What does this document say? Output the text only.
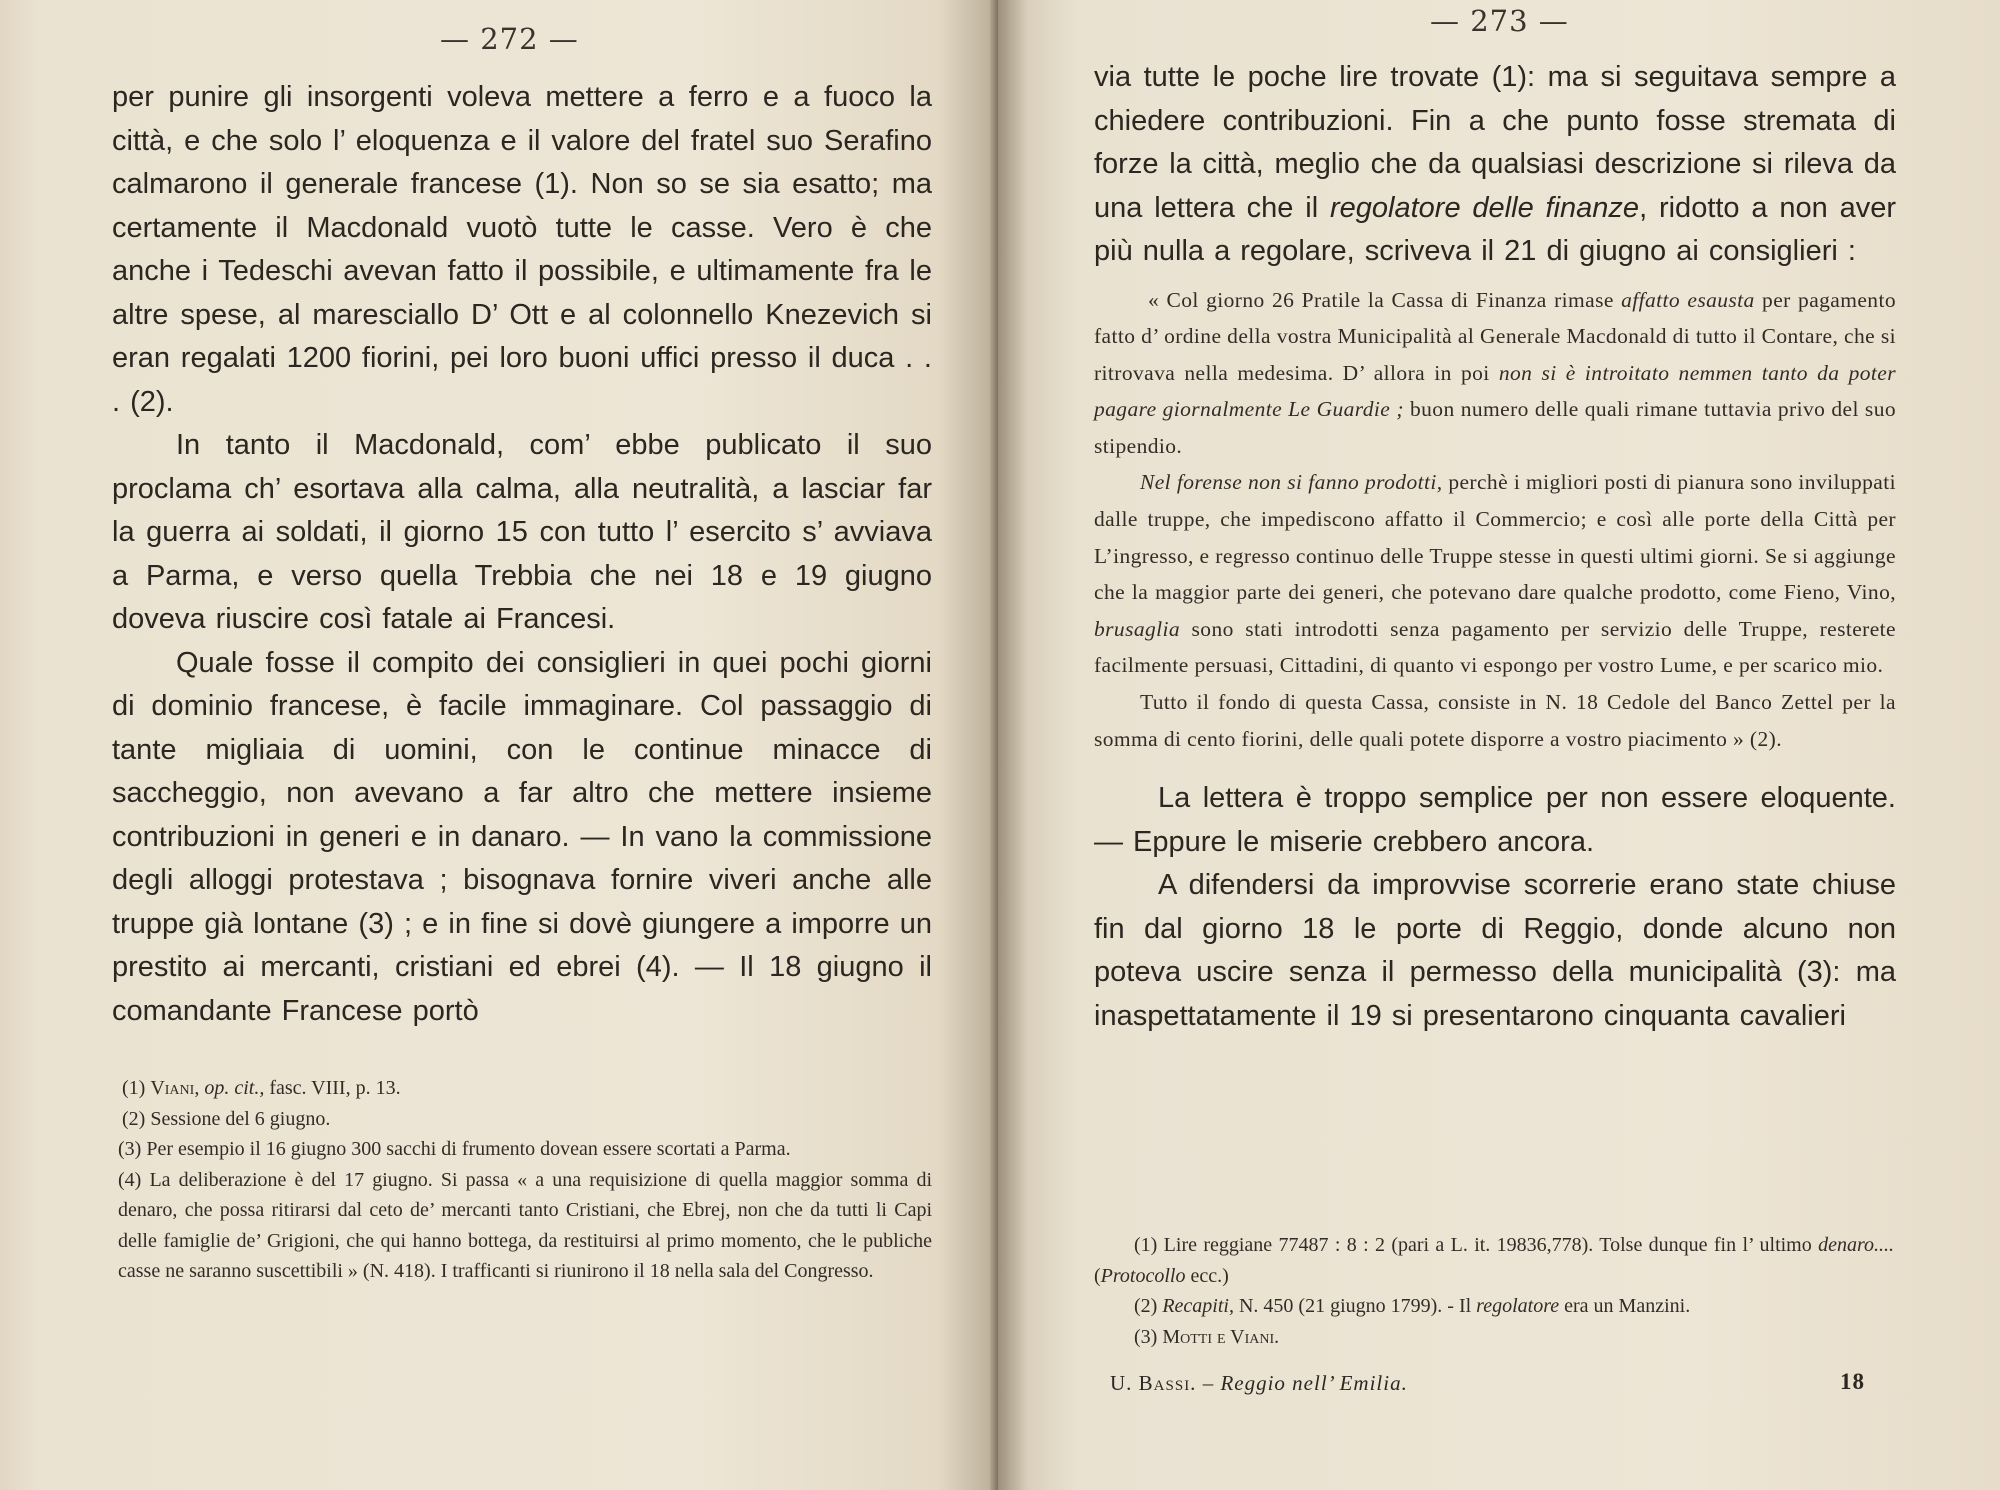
— 272 —

per punire gli insorgenti voleva mettere a ferro e a fuoco la città, e che solo l’ eloquenza e il valore del fratel suo Serafino calmarono il generale francese (1). Non so se sia esatto; ma certamente il Macdonald vuotò tutte le casse. Vero è che anche i Tedeschi avevan fatto il possibile, e ultimamente fra le altre spese, al maresciallo D’ Ott e al colonnello Knezevich si eran regalati 1200 fiorini, pei loro buoni uffici presso il duca . . . (2).

In tanto il Macdonald, com’ ebbe publicato il suo proclama ch’ esortava alla calma, alla neutralità, a lasciar far la guerra ai soldati, il giorno 15 con tutto l’ esercito s’ avviava a Parma, e verso quella Trebbia che nei 18 e 19 giugno doveva riuscire così fatale ai Francesi.

Quale fosse il compito dei consiglieri in quei pochi giorni di dominio francese, è facile immaginare. Col passaggio di tante migliaia di uomini, con le continue minacce di saccheggio, non avevano a far altro che mettere insieme contribuzioni in generi e in danaro. — In vano la commissione degli alloggi protestava ; bisognava fornire viveri anche alle truppe già lontane (3) ; e in fine si dovè giungere a imporre un prestito ai mercanti, cristiani ed ebrei (4). — Il 18 giugno il comandante Francese portò

(1) Viani, op. cit., fasc. VIII, p. 13.

(2) Sessione del 6 giugno.

(3) Per esempio il 16 giugno 300 sacchi di frumento dovean essere scortati a Parma.

(4) La deliberazione è del 17 giugno. Si passa « a una requisizione di quella maggior somma di denaro, che possa ritirarsi dal ceto de’ mercanti tanto Cristiani, che Ebrej, non che da tutti li Capi delle famiglie de’ Grigioni, che qui hanno bottega, da restituirsi al primo momento, che le publiche casse ne saranno suscettibili » (N. 418). I trafficanti si riunirono il 18 nella sala del Congresso.

— 273 —

via tutte le poche lire trovate (1): ma si seguitava sempre a chiedere contribuzioni. Fin a che punto fosse stremata di forze la città, meglio che da qualsiasi descrizione si rileva da una lettera che il regolatore delle finanze, ridotto a non aver più nulla a regolare, scriveva il 21 di giugno ai consiglieri :

« Col giorno 26 Pratile la Cassa di Finanza rimase affatto esausta per pagamento fatto d’ ordine della vostra Municipalità al Generale Macdonald di tutto il Contare, che si ritrovava nella medesima. D’ allora in poi non si è introitato nemmen tanto da poter pagare giornalmente Le Guardie ; buon numero delle quali rimane tuttavia privo del suo stipendio.

Nel forense non si fanno prodotti, perchè i migliori posti di pianura sono inviluppati dalle truppe, che impediscono affatto il Commercio; e così alle porte della Città per L’ingresso, e regresso continuo delle Truppe stesse in questi ultimi giorni. Se si aggiunge che la maggior parte dei generi, che potevano dare qualche prodotto, come Fieno, Vino, brusaglia sono stati introdotti senza pagamento per servizio delle Truppe, resterete facilmente persuasi, Cittadini, di quanto vi espongo per vostro Lume, e per scarico mio.

Tutto il fondo di questa Cassa, consiste in N. 18 Cedole del Banco Zettel per la somma di cento fiorini, delle quali potete disporre a vostro piacimento » (2).

La lettera è troppo semplice per non essere eloquente. — Eppure le miserie crebbero ancora.

A difendersi da improvvise scorrerie erano state chiuse fin dal giorno 18 le porte di Reggio, donde alcuno non poteva uscire senza il permesso della municipalità (3): ma inaspettatamente il 19 si presentarono cinquanta cavalieri

(1) Lire reggiane 77487 : 8 : 2 (pari a L. it. 19836,778). Tolse dunque fin l’ ultimo denaro.... (Protocollo ecc.)

(2) Recapiti, N. 450 (21 giugno 1799). - Il regolatore era un Manzini.

(3) Motti e Viani.

U. Bassi. – Reggio nell’ Emilia.	18
